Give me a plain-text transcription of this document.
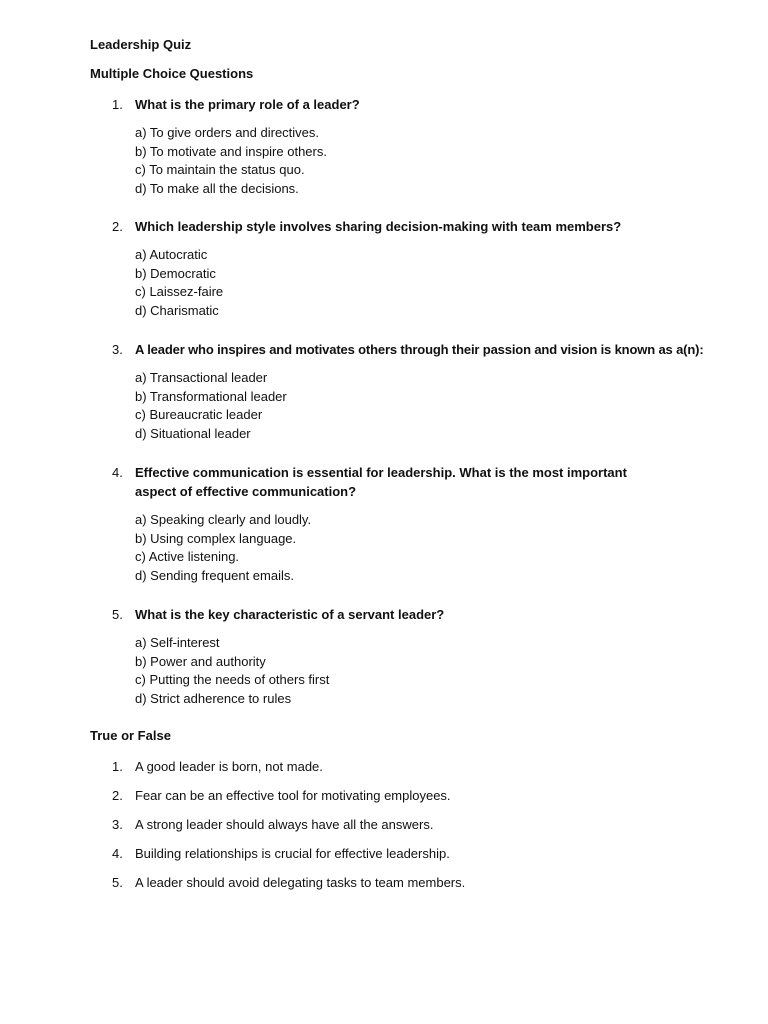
Leadership Quiz
Multiple Choice Questions
1. What is the primary role of a leader?
a) To give orders and directives.
b) To motivate and inspire others.
c) To maintain the status quo.
d) To make all the decisions.
2. Which leadership style involves sharing decision-making with team members?
a) Autocratic
b) Democratic
c) Laissez-faire
d) Charismatic
3. A leader who inspires and motivates others through their passion and vision is known as a(n):
a) Transactional leader
b) Transformational leader
c) Bureaucratic leader
d) Situational leader
4. Effective communication is essential for leadership. What is the most important aspect of effective communication?
a) Speaking clearly and loudly.
b) Using complex language.
c) Active listening.
d) Sending frequent emails.
5. What is the key characteristic of a servant leader?
a) Self-interest
b) Power and authority
c) Putting the needs of others first
d) Strict adherence to rules
True or False
1. A good leader is born, not made.
2. Fear can be an effective tool for motivating employees.
3. A strong leader should always have all the answers.
4. Building relationships is crucial for effective leadership.
5. A leader should avoid delegating tasks to team members.
